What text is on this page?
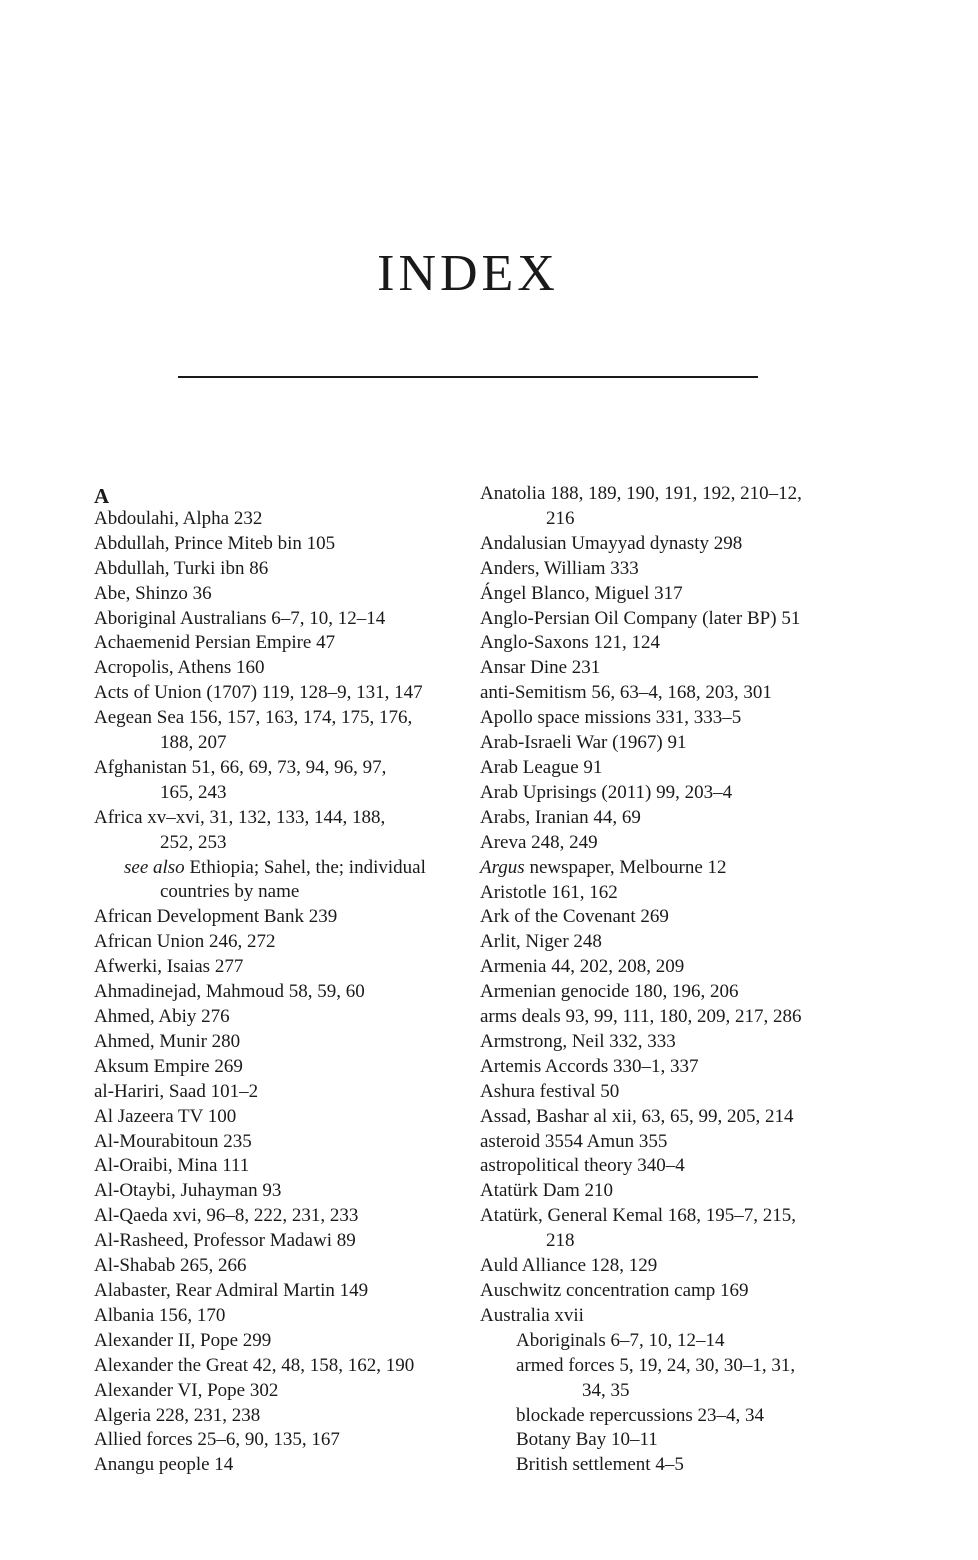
INDEX
A
Abdoulahi, Alpha 232
Abdullah, Prince Miteb bin 105
Abdullah, Turki ibn 86
Abe, Shinzo 36
Aboriginal Australians 6–7, 10, 12–14
Achaemenid Persian Empire 47
Acropolis, Athens 160
Acts of Union (1707) 119, 128–9, 131, 147
Aegean Sea 156, 157, 163, 174, 175, 176,
188, 207
Afghanistan 51, 66, 69, 73, 94, 96, 97,
165, 243
Africa xv–xvi, 31, 132, 133, 144, 188,
252, 253
see also Ethiopia; Sahel, the; individual
countries by name
African Development Bank 239
African Union 246, 272
Afwerki, Isaias 277
Ahmadinejad, Mahmoud 58, 59, 60
Ahmed, Abiy 276
Ahmed, Munir 280
Aksum Empire 269
al-Hariri, Saad 101–2
Al Jazeera TV 100
Al-Mourabitoun 235
Al-Oraibi, Mina 111
Al-Otaybi, Juhayman 93
Al-Qaeda xvi, 96–8, 222, 231, 233
Al-Rasheed, Professor Madawi 89
Al-Shabab 265, 266
Alabaster, Rear Admiral Martin 149
Albania 156, 170
Alexander II, Pope 299
Alexander the Great 42, 48, 158, 162, 190
Alexander VI, Pope 302
Algeria 228, 231, 238
Allied forces 25–6, 90, 135, 167
Anangu people 14
Anatolia 188, 189, 190, 191, 192, 210–12,
216
Andalusian Umayyad dynasty 298
Anders, William 333
Ángel Blanco, Miguel 317
Anglo-Persian Oil Company (later BP) 51
Anglo-Saxons 121, 124
Ansar Dine 231
anti-Semitism 56, 63–4, 168, 203, 301
Apollo space missions 331, 333–5
Arab-Israeli War (1967) 91
Arab League 91
Arab Uprisings (2011) 99, 203–4
Arabs, Iranian 44, 69
Areva 248, 249
Argus newspaper, Melbourne 12
Aristotle 161, 162
Ark of the Covenant 269
Arlit, Niger 248
Armenia 44, 202, 208, 209
Armenian genocide 180, 196, 206
arms deals 93, 99, 111, 180, 209, 217, 286
Armstrong, Neil 332, 333
Artemis Accords 330–1, 337
Ashura festival 50
Assad, Bashar al xii, 63, 65, 99, 205, 214
asteroid 3554 Amun 355
astropolitical theory 340–4
Atatürk Dam 210
Atatürk, General Kemal 168, 195–7, 215,
218
Auld Alliance 128, 129
Auschwitz concentration camp 169
Australia xvii
Aboriginals 6–7, 10, 12–14
armed forces 5, 19, 24, 30, 30–1, 31,
34, 35
blockade repercussions 23–4, 34
Botany Bay 10–11
British settlement 4–5
